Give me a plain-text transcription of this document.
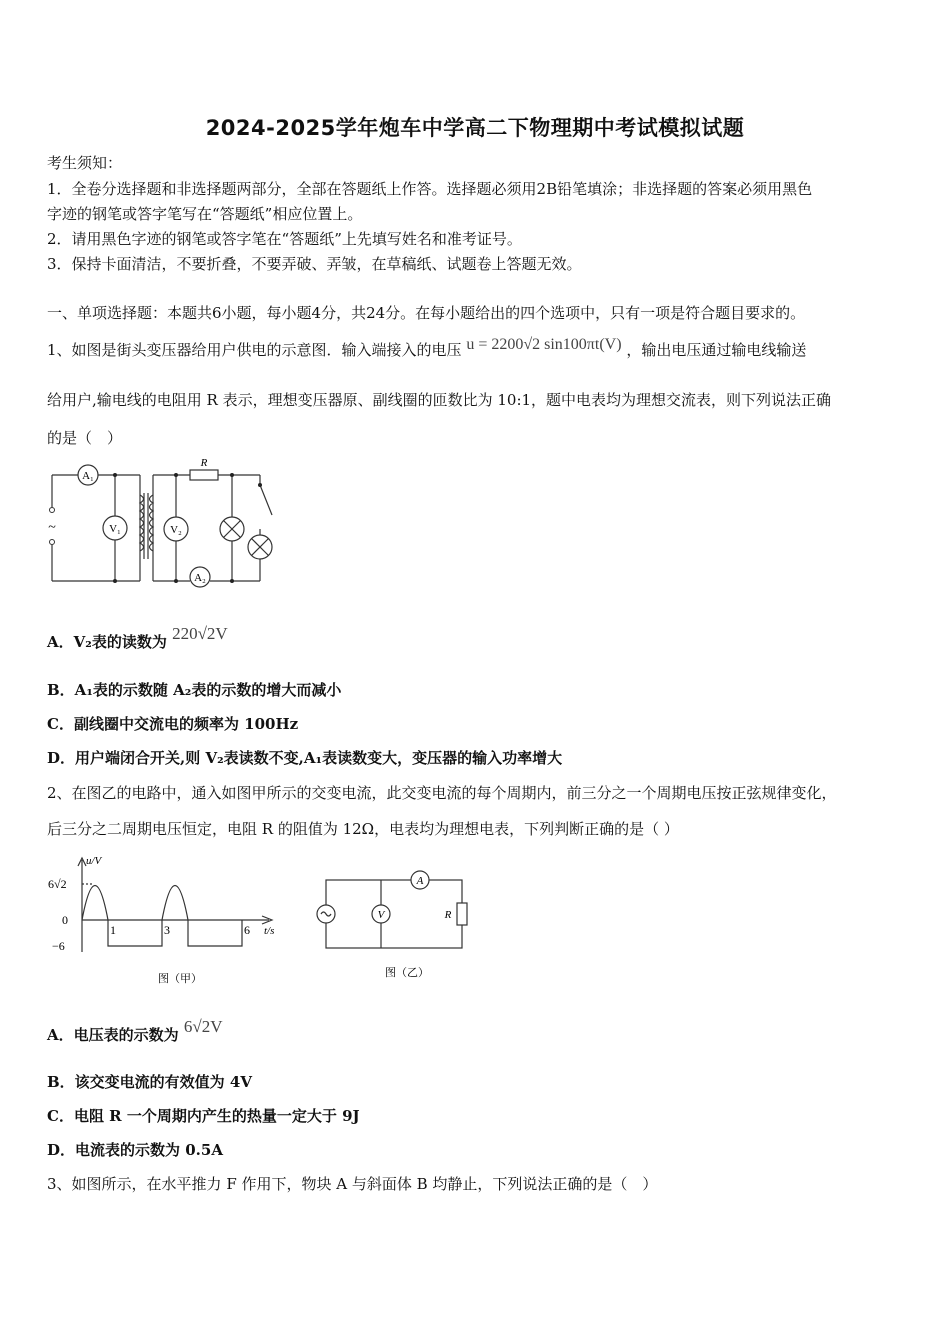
2024-2025学年炮车中学高二下物理期中考试模拟试题
考生须知：
1．全卷分选择题和非选择题两部分，全部在答题纸上作答。选择题必须用2B铅笔填涂；非选择题的答案必须用黑色
字迹的钢笔或答字笔写在“答题纸”相应位置上。
2．请用黑色字迹的钢笔或答字笔在“答题纸”上先填写姓名和准考证号。
3．保持卡面清洁，不要折叠，不要弄破、弄皱，在草稿纸、试题卷上答题无效。
一、单项选择题：本题共6小题，每小题4分，共24分。在每小题给出的四个选项中，只有一项是符合题目要求的。
1、如图是街头变压器给用户供电的示意图．输入端接入的电压 u = 2200√2 sin100πt(V) ，输出电压通过输电线输送
给用户,输电线的电阻用 R 表示，理想变压器原、副线圈的匝数比为 10:1，题中电表均为理想交流表，则下列说法正确
的是（　）
A₁
V₁	V₂
A₂
R
~
A．V₂表的读数为 220√2V
B．A₁表的示数随 A₂表的示数的增大而减小
C．副线圈中交流电的频率为 100Hz
D．用户端闭合开关,则 V₂表读数不变,A₁表读数变大，变压器的输入功率增大
2、在图乙的电路中，通入如图甲所示的交变电流，此交变电流的每个周期内，前三分之一个周期电压按正弦规律变化，
后三分之二周期电压恒定，电阻 R 的阻值为 12Ω，电表均为理想电表，下列判断正确的是（ ）
u/V
t/s
6√2
0
−6
1	3	6
图（甲）
V
A
R
图（乙）
A．电压表的示数为 6√2V
B．该交变电流的有效值为 4V
C．电阻 R 一个周期内产生的热量一定大于 9J
D．电流表的示数为 0.5A
3、如图所示，在水平推力 F 作用下，物块 A 与斜面体 B 均静止，下列说法正确的是（　）
